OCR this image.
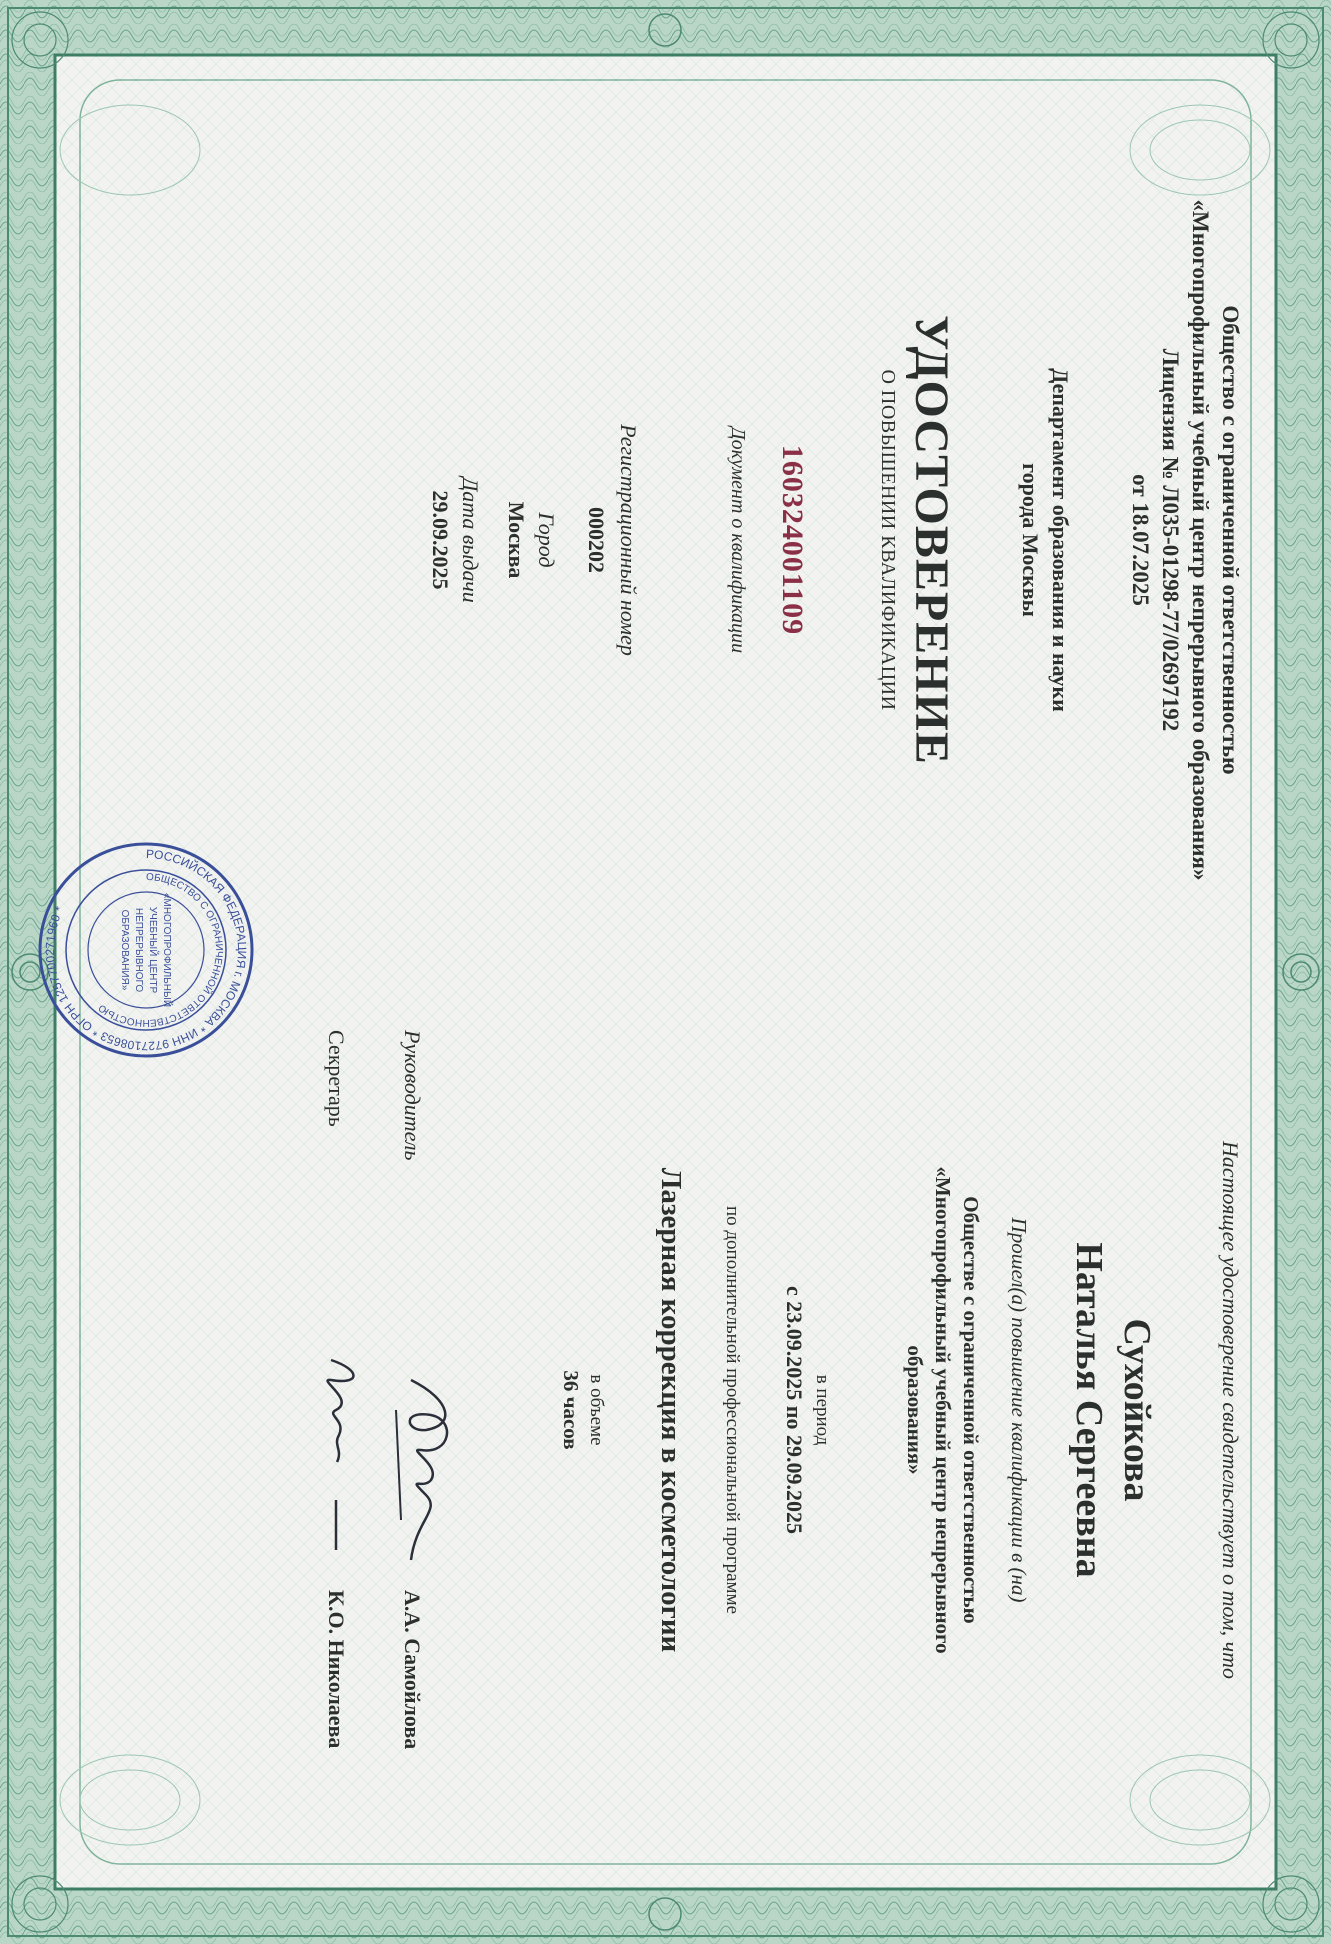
Общество с ограниченной ответственностью
«Многопрофильный учебный центр непрерывного образования»
Лицензия № Л035-01298-77/02697192
от 18.07.2025
Департамент образования и науки
города Москвы
УДОСТОВЕРЕНИЕ
О ПОВЫШЕНИИ КВАЛИФИКАЦИИ
160324001109
Документ о квалификации
Регистрационный номер
000202
Город
Москва
Дата выдачи
29.09.2025
РОССИЙСКАЯ ФЕДЕРАЦИЯ г. МОСКВА * ИНН 9727108653 * ОГРН 1257700271960 *
ОБЩЕСТВО С ОГРАНИЧЕННОЙ ОТВЕТСТВЕННОСТЬЮ
«МНОГОПРОФИЛЬНЫЙ
УЧЕБНЫЙ ЦЕНТР
НЕПРЕРЫВНОГО
ОБРАЗОВАНИЯ»
Настоящее удостоверение свидетельствует о том, что
Сухойкова
Наталья Сергеевна
Прошел(а) повышение квалификации в (на)
Обществе с ограниченной ответственностью
«Многопрофильный учебный центр непрерывного
образования»
в период
с 23.09.2025 по 29.09.2025
по дополнительной профессиональной программе
Лазерная коррекция в косметологии
в объеме
36 часов
Руководитель
А.А. Самойлова
Секретарь
К.О. Николаева
